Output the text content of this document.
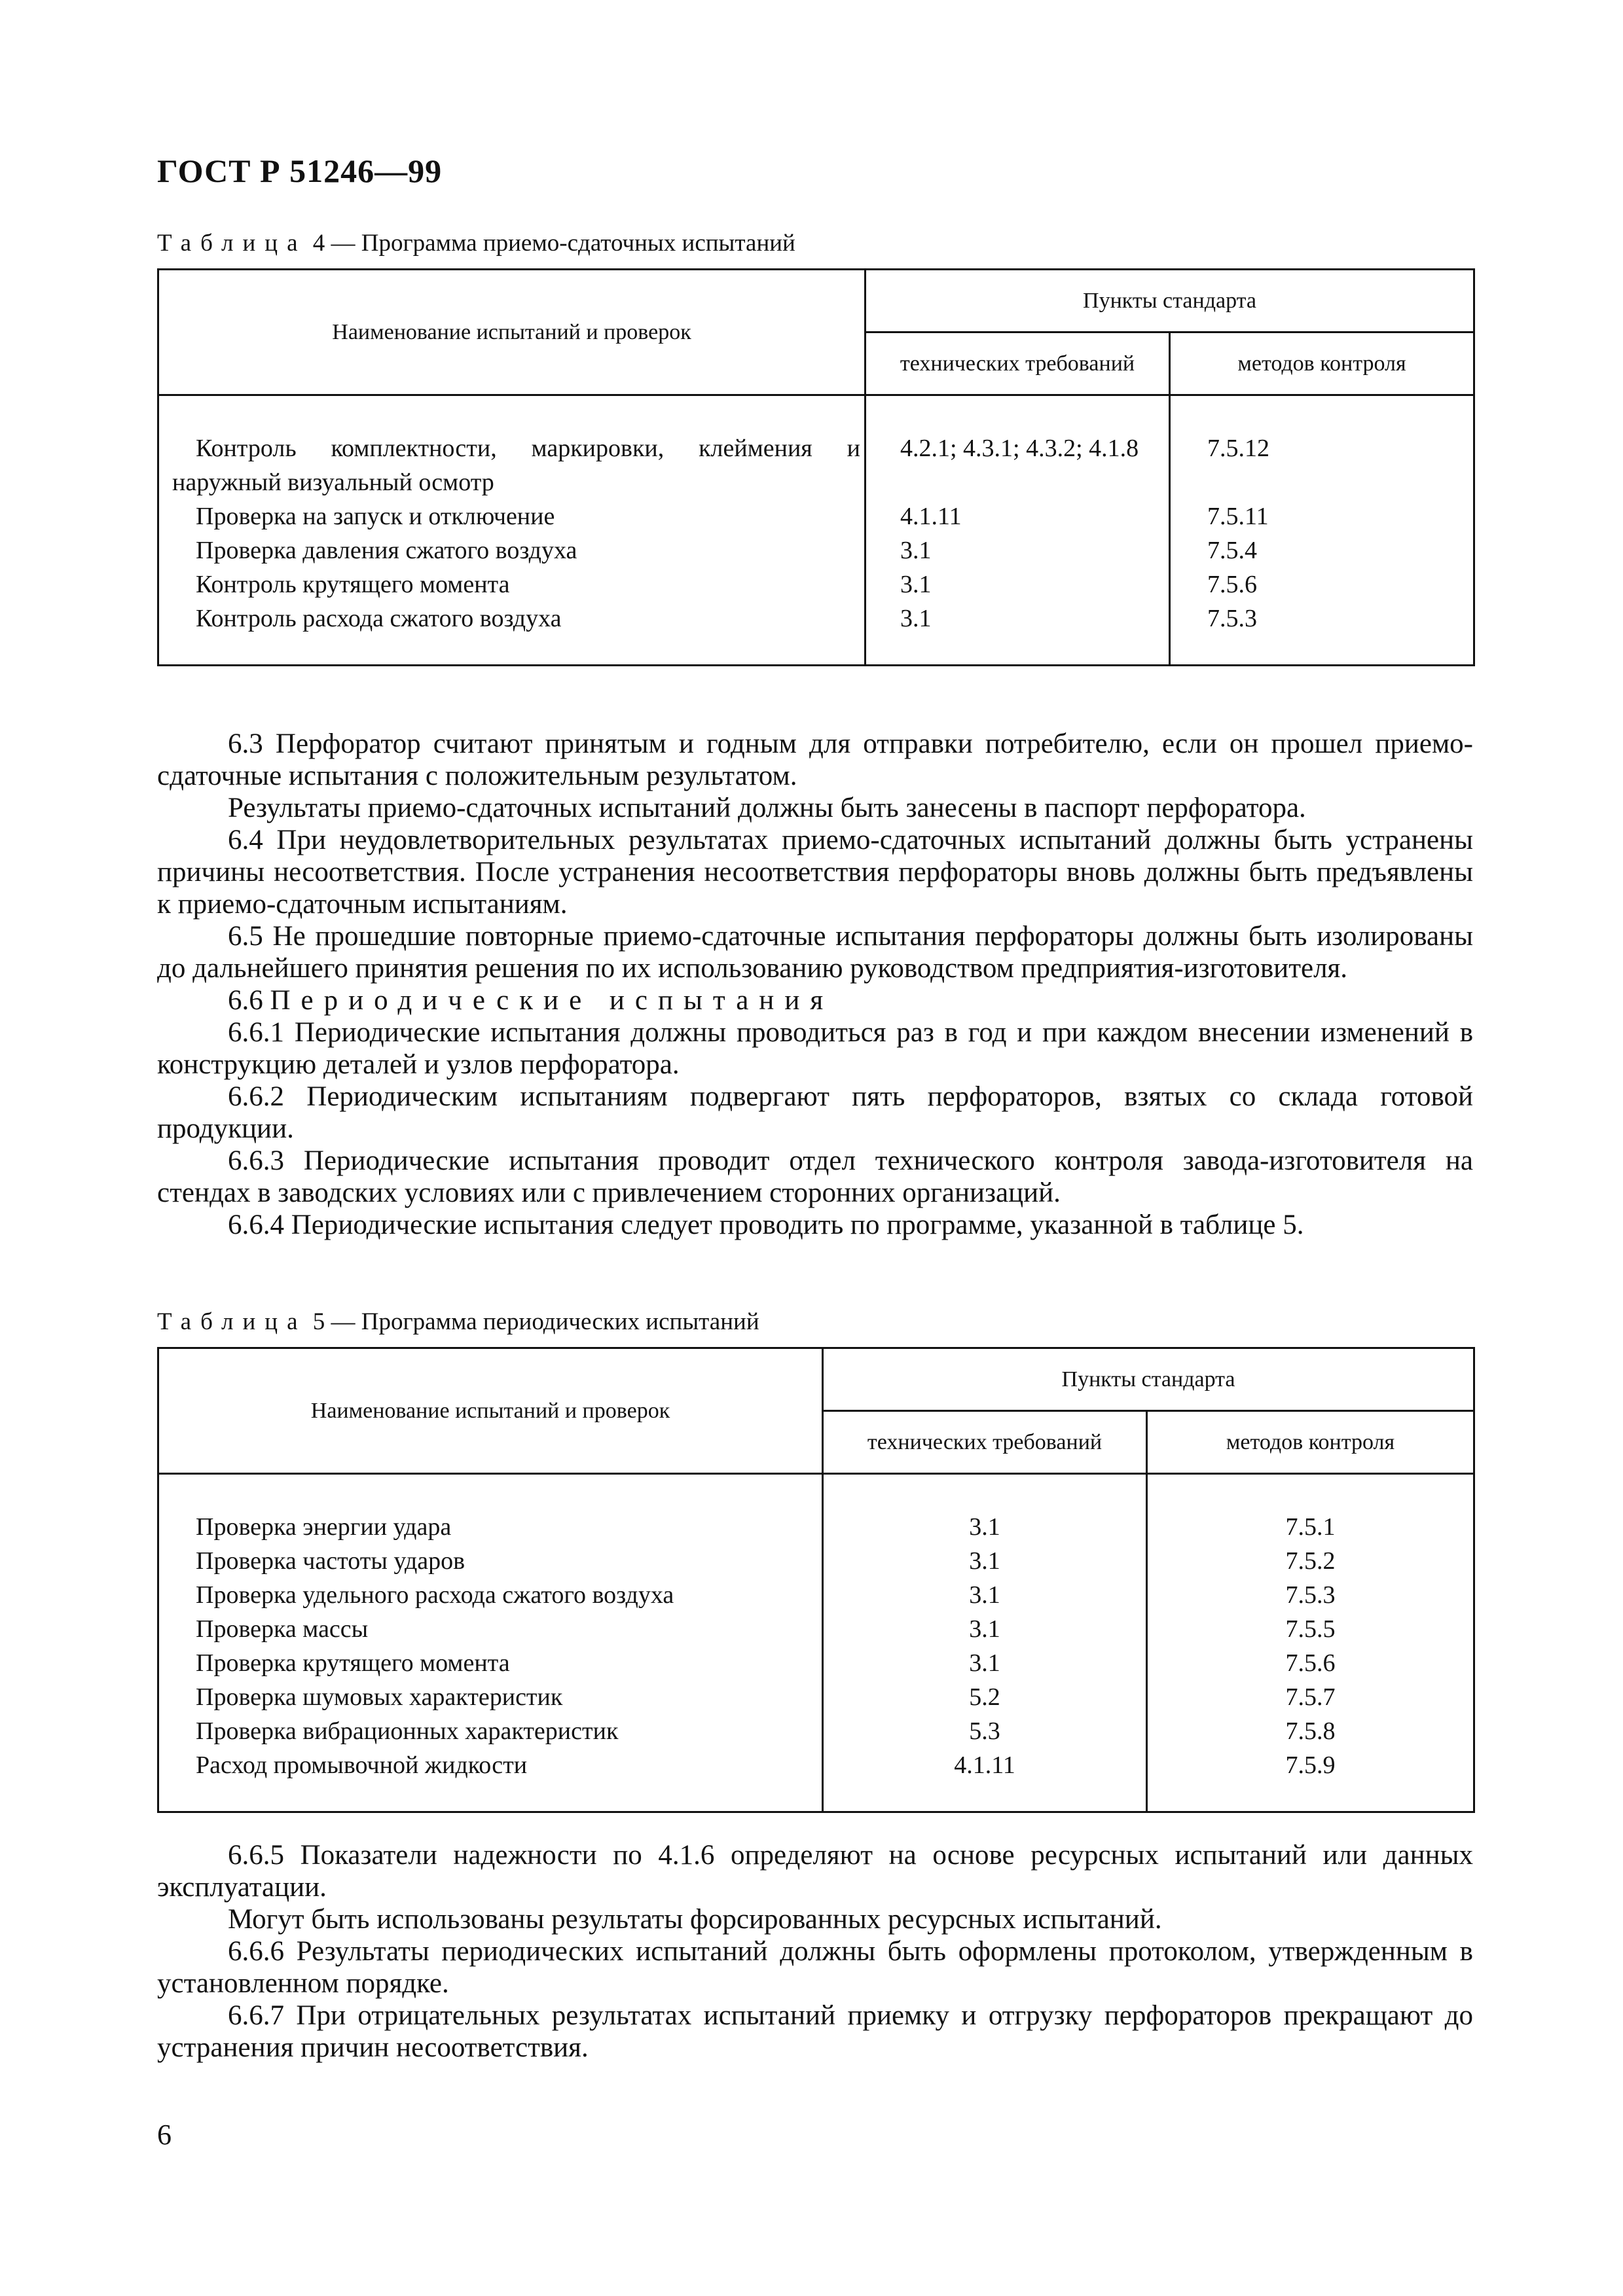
ГОСТ Р 51246—99
Таблица 4 — Программа приемо-сдаточных испытаний
Наименование испытаний и проверок	Пункты стандарта	
	технических требований	методов контроля

Контроль комплектности, маркировки, клеймения и
наружный визуальный осмотр	4.2.1; 4.3.1; 4.3.2; 4.1.8	7.5.12
Проверка на запуск и отключение	4.1.11	7.5.11
Проверка давления сжатого воздуха	3.1	7.5.4
Контроль крутящего момента	3.1	7.5.6
Контроль расхода сжатого воздуха	3.1	7.5.3

6.3 Перфоратор считают принятым и годным для отправки потребителю, если он прошел приемо-сдаточные испытания с положительным результатом.

Результаты приемо-сдаточных испытаний должны быть занесены в паспорт перфоратора.

6.4 При неудовлетворительных результатах приемо-сдаточных испытаний должны быть устранены причины несоответствия. После устранения несоответствия перфораторы вновь должны быть предъявлены к приемо-сдаточным испытаниям.

6.5 Не прошедшие повторные приемо-сдаточные испытания перфораторы должны быть изолированы до дальнейшего принятия решения по их использованию руководством предприятия-изготовителя.

6.6 Периодические испытания

6.6.1 Периодические испытания должны проводиться раз в год и при каждом внесении изменений в конструкцию деталей и узлов перфоратора.

6.6.2 Периодическим испытаниям подвергают пять перфораторов, взятых со склада готовой продукции.

6.6.3 Периодические испытания проводит отдел технического контроля завода-изготовителя на стендах в заводских условиях или с привлечением сторонних организаций.

6.6.4 Периодические испытания следует проводить по программе, указанной в таблице 5.

Таблица 5 — Программа периодических испытаний
Наименование испытаний и проверок	Пункты стандарта	
	технических требований	методов контроля
Проверка энергии удара	3.1	7.5.1
Проверка частоты ударов	3.1	7.5.2
Проверка удельного расхода сжатого воздуха	3.1	7.5.3
Проверка массы	3.1	7.5.5
Проверка крутящего момента	3.1	7.5.6
Проверка шумовых характеристик	5.2	7.5.7
Проверка вибрационных характеристик	5.3	7.5.8
Расход промывочной жидкости	4.1.11	7.5.9

6.6.5 Показатели надежности по 4.1.6 определяют на основе ресурсных испытаний или данных эксплуатации.

Могут быть использованы результаты форсированных ресурсных испытаний.

6.6.6 Результаты периодических испытаний должны быть оформлены протоколом, утвержденным в установленном порядке.

6.6.7 При отрицательных результатах испытаний приемку и отгрузку перфораторов прекращают до устранения причин несоответствия.

6
